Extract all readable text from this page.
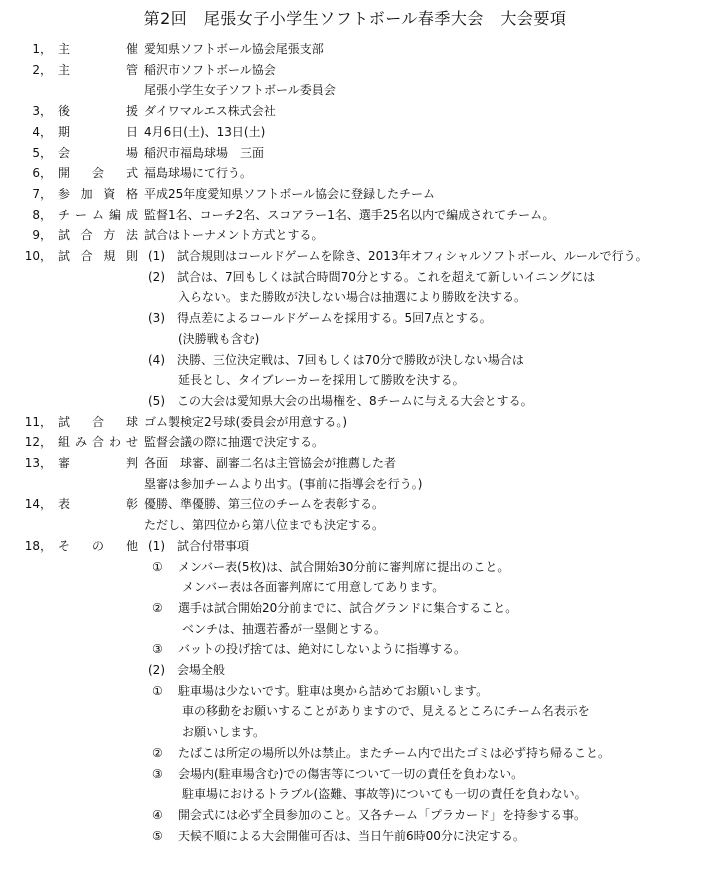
第2回　尾張女子小学生ソフトボール春季大会　大会要項
1， 主	催 愛知県ソフトボール協会尾張支部
2， 主	管 稲沢市ソフトボール協会
尾張小学生女子ソフトボール委員会
3， 後	援 ダイワマルエス株式会社
4， 期	日 4月6日(土)、13日(土)
5， 会	場 稲沢市福島球場　三面
6， 開 会 式 福島球場にて行う。
7， 参 加 資 格 平成25年度愛知県ソフトボール協会に登録したチーム
8， チ ー ム 編 成 監督1名、コーチ2名、スコアラー1名、選手25名以内で編成されてチーム。
9， 試 合 方 法 試合はトーナメント方式とする。
10， 試 合 規 則 (1)　試合規則はコールドゲームを除き、2013年オフィシャルソフトボール、ルールで行う。
(2)　試合は、7回もしくは試合時間70分とする。これを超えて新しいイニングには
入らない。また勝敗が決しない場合は抽選により勝敗を決する。
(3)　得点差によるコールドゲームを採用する。5回7点とする。
(決勝戦も含む)
(4)　決勝、三位決定戦は、7回もしくは70分で勝敗が決しない場合は
延長とし、タイブレーカーを採用して勝敗を決する。
(5)　この大会は愛知県大会の出場権を、8チームに与える大会とする。
11， 試 合 球 ゴム製検定2号球(委員会が用意する。)
12， 組 み 合 わ せ 監督会議の際に抽選で決定する。
13， 審	判 各面　球審、副審二名は主管協会が推薦した者
塁審は参加チームより出す。(事前に指導会を行う。)
14， 表	彰 優勝、準優勝、第三位のチームを表彰する。
ただし、第四位から第八位までも決定する。
18， そ の 他 (1)　試合付帯事項
① メンバー表(5枚)は、試合開始30分前に審判席に提出のこと。
メンバー表は各面審判席にて用意してあります。
② 選手は試合開始20分前までに、試合グランドに集合すること。
ベンチは、抽選若番が一塁側とする。
③ バットの投げ捨ては、絶対にしないように指導する。
(2)　会場全般
① 駐車場は少ないです。駐車は奥から詰めてお願いします。
車の移動をお願いすることがありますので、見えるところにチーム名表示を
お願いします。
② たばこは所定の場所以外は禁止。またチーム内で出たゴミは必ず持ち帰ること。
③ 会場内(駐車場含む)での傷害等について一切の責任を負わない。
駐車場におけるトラブル(盗難、事故等)についても一切の責任を負わない。
④ 開会式には必ず全員参加のこと。又各チーム「プラカード」を持参する事。
⑤ 天候不順による大会開催可否は、当日午前6時00分に決定する。
